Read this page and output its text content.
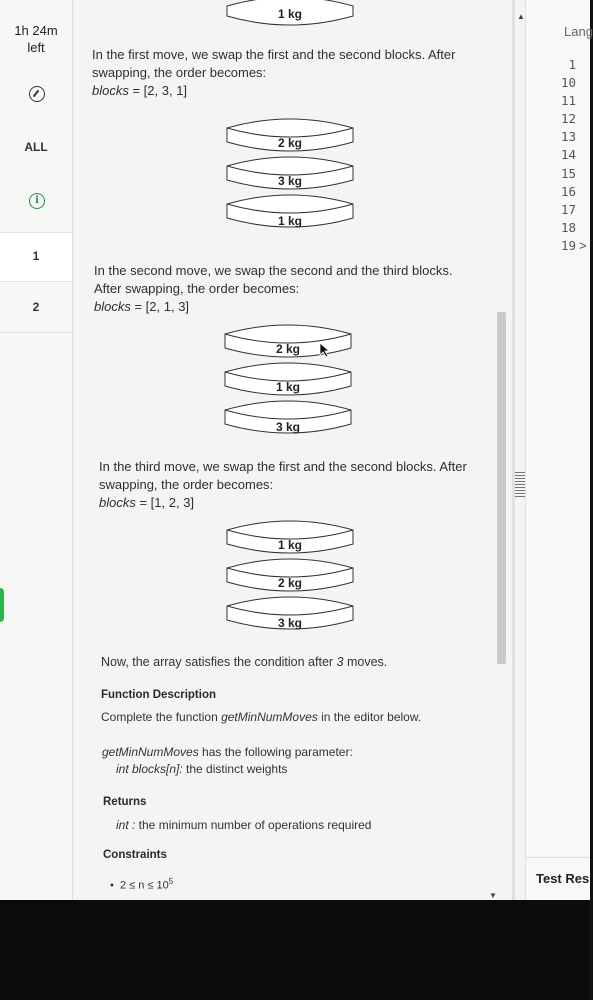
1h 24m
left
ALL
i
1
2
1 kg
In the first move, we swap the first and the second blocks. After
swapping, the order becomes:
blocks = [2, 3, 1]
2 kg
3 kg
1 kg
In the second move, we swap the second and the third blocks.
After swapping, the order becomes:
blocks = [2, 1, 3]
2 kg
1 kg
3 kg
In the third move, we swap the first and the second blocks. After
swapping, the order becomes:
blocks = [1, 2, 3]
1 kg
2 kg
3 kg
Now, the array satisfies the condition after 3 moves.
Function Description
Complete the function getMinNumMoves in the editor below.
getMinNumMoves has the following parameter:
int blocks[n]: the distinct weights
Returns
int : the minimum number of operations required
Constraints
•  $2 \le n \le 10^5$
▼
▲
Lang
1
10
11
12
13
14
15
16
17
18
19 >
Test Res
